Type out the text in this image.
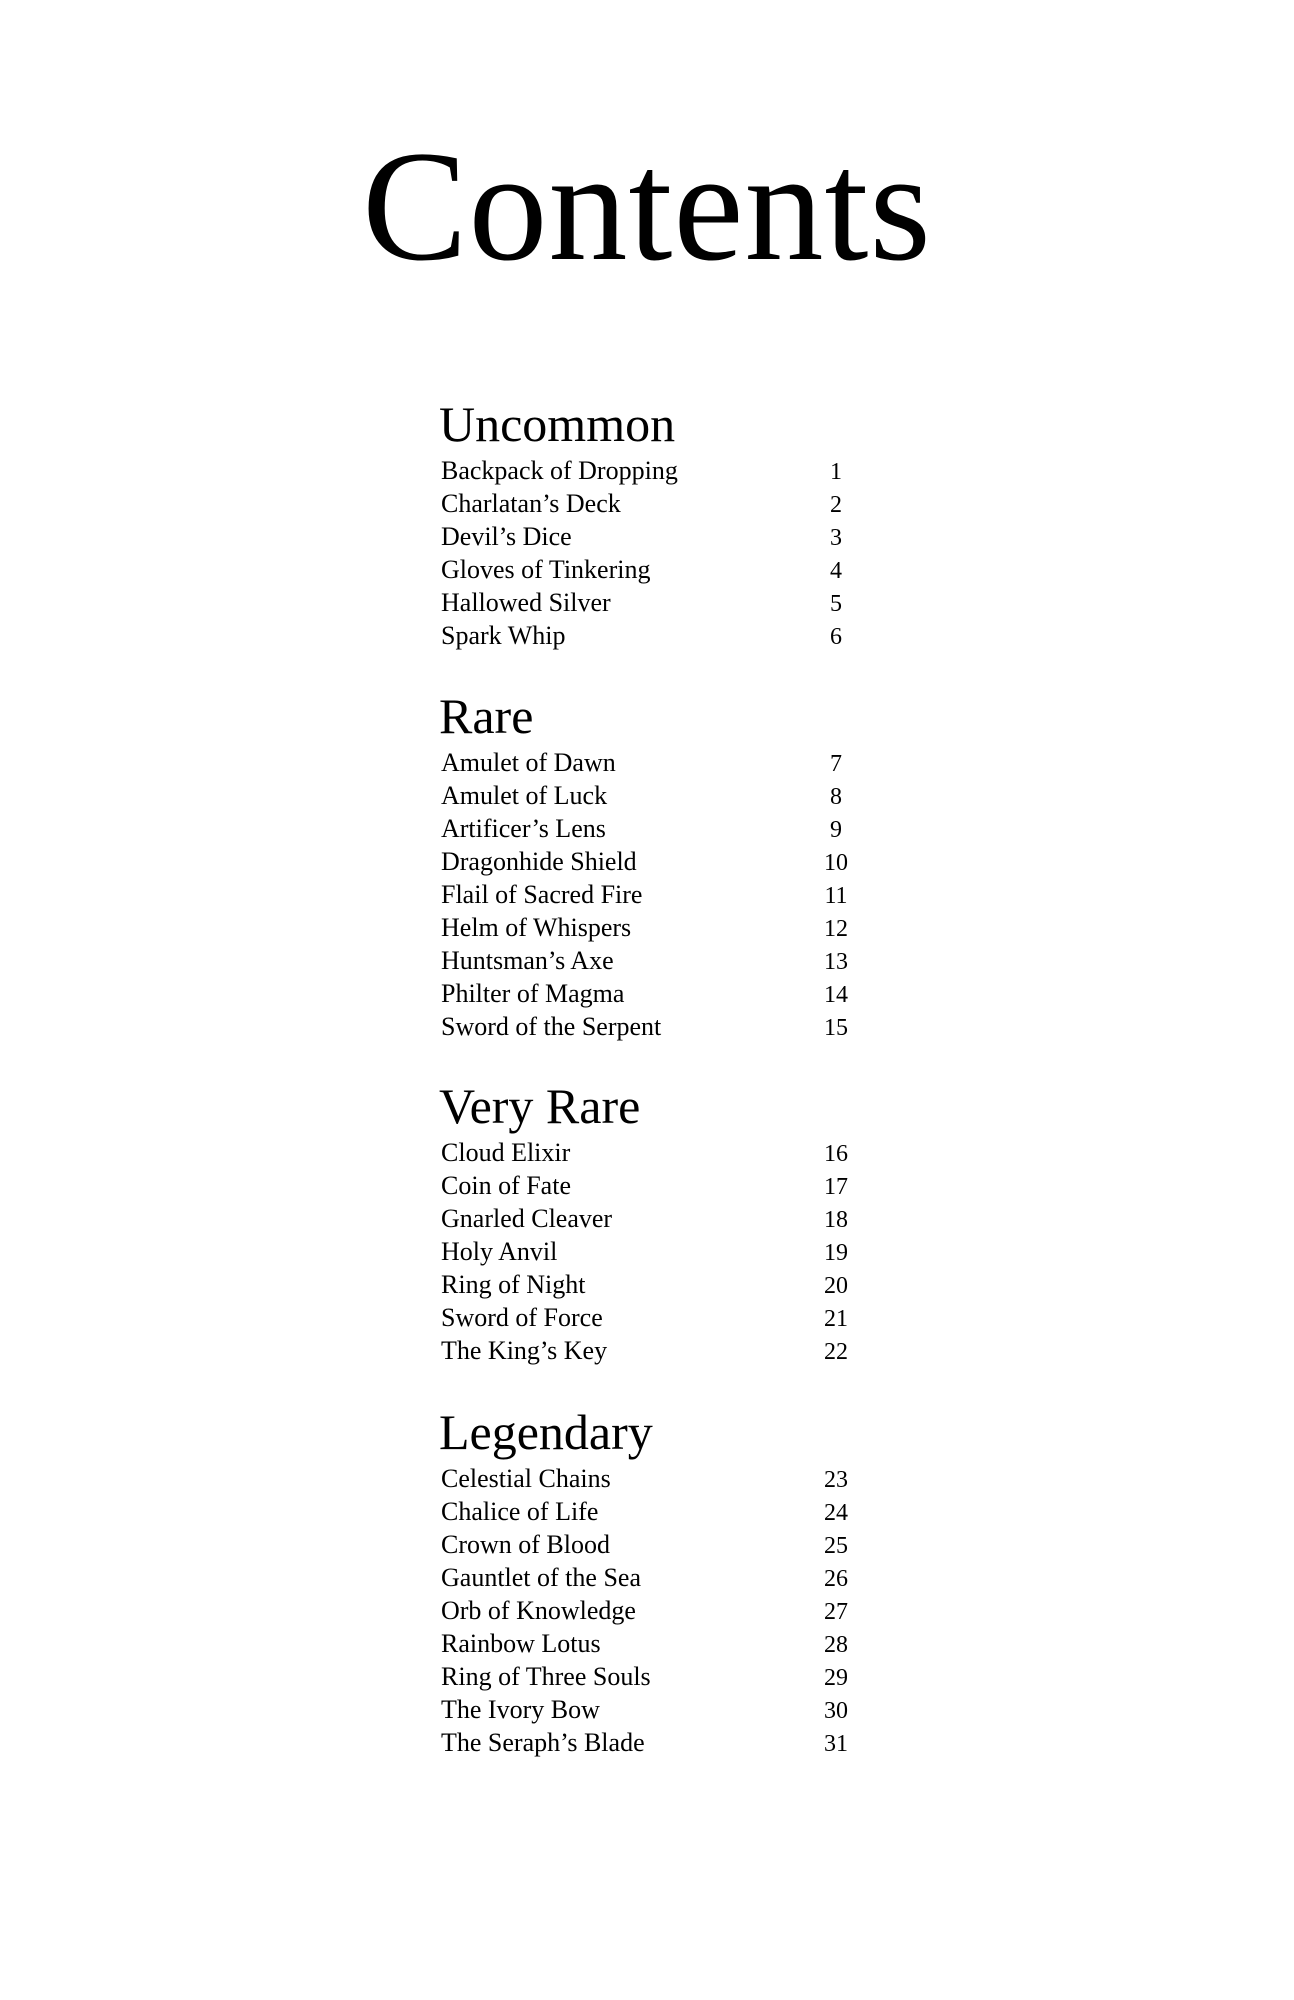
Contents
Uncommon
Backpack of Dropping	1
Charlatan’s Deck	2
Devil’s Dice	3
Gloves of Tinkering	4
Hallowed Silver	5
Spark Whip	6
Rare
Amulet of Dawn	7
Amulet of Luck	8
Artificer’s Lens	9
Dragonhide Shield	10
Flail of Sacred Fire	11
Helm of Whispers	12
Huntsman’s Axe	13
Philter of Magma	14
Sword of the Serpent	15
Very Rare
Cloud Elixir	16
Coin of Fate	17
Gnarled Cleaver	18
Holy Anvil	19
Ring of Night	20
Sword of Force	21
The King’s Key	22
Legendary
Celestial Chains	23
Chalice of Life	24
Crown of Blood	25
Gauntlet of the Sea	26
Orb of Knowledge	27
Rainbow Lotus	28
Ring of Three Souls	29
The Ivory Bow	30
The Seraph’s Blade	31
